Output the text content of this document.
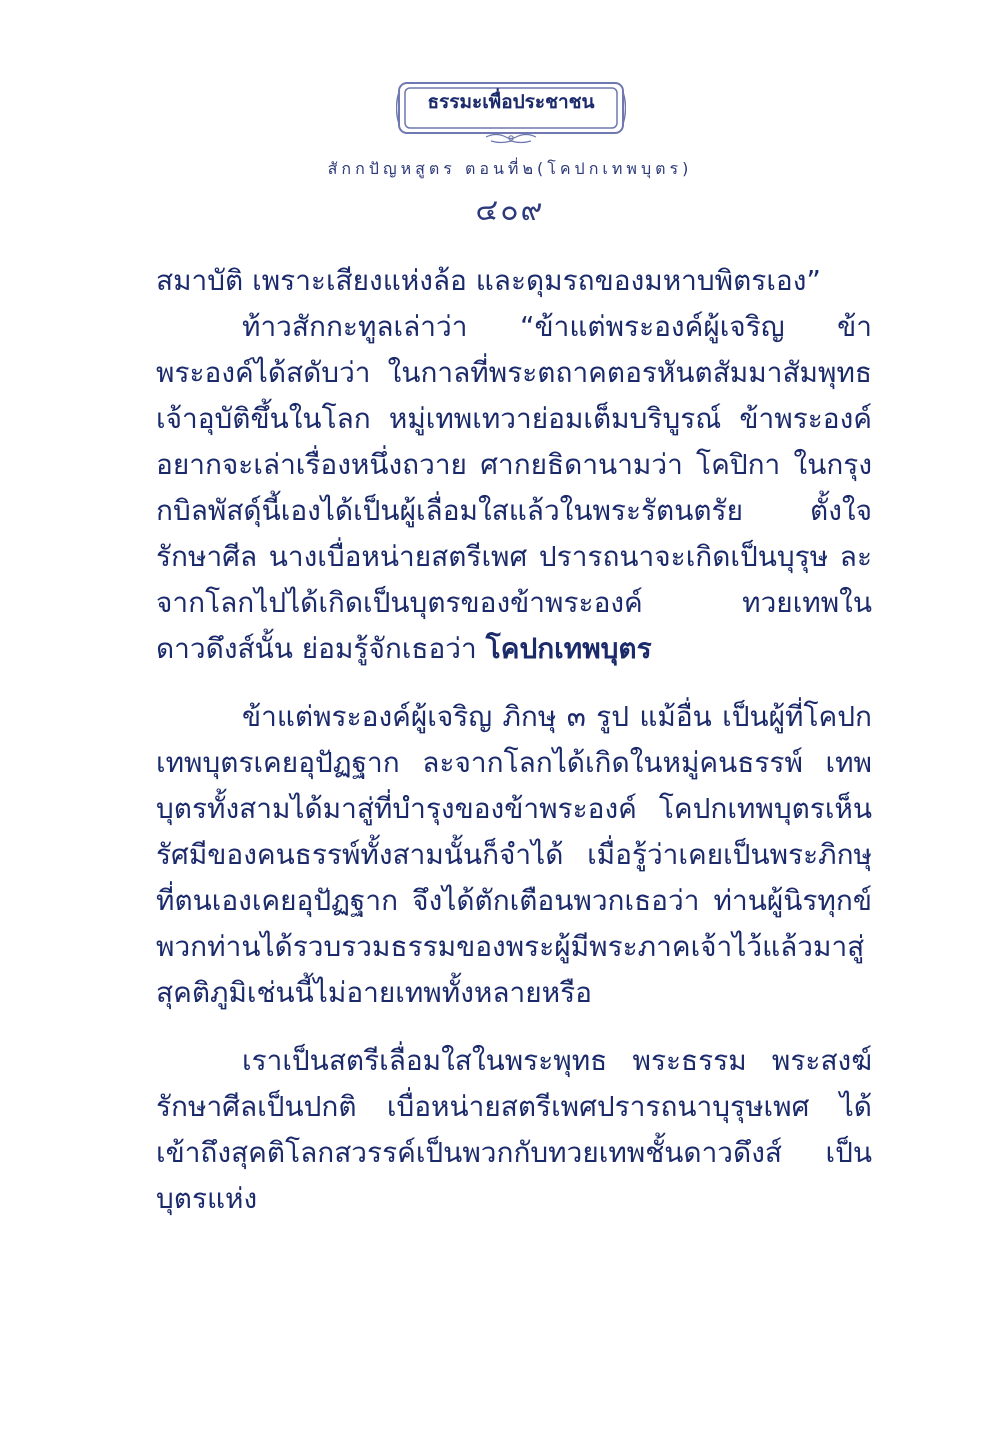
ธรรมะเพื่อประชาชน
สักกปัญหสูตร ตอนที่๒(โคปกเทพบุตร)
๔๐๙

สมาบัติ เพราะเสียงแห่งล้อ และดุมรถของมหาบพิตรเอง”

ท้าวสักกะทูลเล่าว่า “ข้าแต่พระองค์ผู้เจริญ ข้าพระองค์ได้สดับว่า ในกาลที่พระตถาคตอรหันตสัมมาสัมพุทธเจ้าอุบัติขึ้นในโลก หมู่เทพเทวาย่อมเต็มบริบูรณ์ ข้าพระองค์อยากจะเล่าเรื่องหนึ่งถวาย ศากยธิดานามว่า โคปิกา ในกรุงกบิลพัสดุ์นี้เองได้เป็นผู้เลื่อมใสแล้วในพระรัตนตรัย ตั้งใจรักษาศีล นางเบื่อหน่ายสตรีเพศ ปรารถนาจะเกิดเป็นบุรุษ ละจากโลกไปได้เกิดเป็นบุตรของข้าพระองค์ ทวยเทพในดาวดึงส์นั้น ย่อมรู้จักเธอว่า โคปกเทพบุตร

ข้าแต่พระองค์ผู้เจริญ ภิกษุ ๓ รูป แม้อื่น เป็นผู้ที่โคปกเทพบุตรเคยอุปัฏฐาก ละจากโลกได้เกิดในหมู่คนธรรพ์ เทพบุตรทั้งสามได้มาสู่ที่บำรุงของข้าพระองค์ โคปกเทพบุตรเห็นรัศมีของคนธรรพ์ทั้งสามนั้นก็จำได้ เมื่อรู้ว่าเคยเป็นพระภิกษุที่ตนเองเคยอุปัฏฐาก จึงได้ตักเตือนพวกเธอว่า ท่านผู้นิรทุกข์ พวกท่านได้รวบรวมธรรมของพระผู้มีพระภาคเจ้าไว้แล้วมาสู่สุคติภูมิเช่นนี้ไม่อายเทพทั้งหลายหรือ

เราเป็นสตรีเลื่อมใสในพระพุทธ พระธรรม พระสงฆ์ รักษาศีลเป็นปกติ เบื่อหน่ายสตรีเพศปรารถนาบุรุษเพศ ได้เข้าถึงสุคติโลกสวรรค์เป็นพวกกับทวยเทพชั้นดาวดึงส์ เป็นบุตรแห่ง
